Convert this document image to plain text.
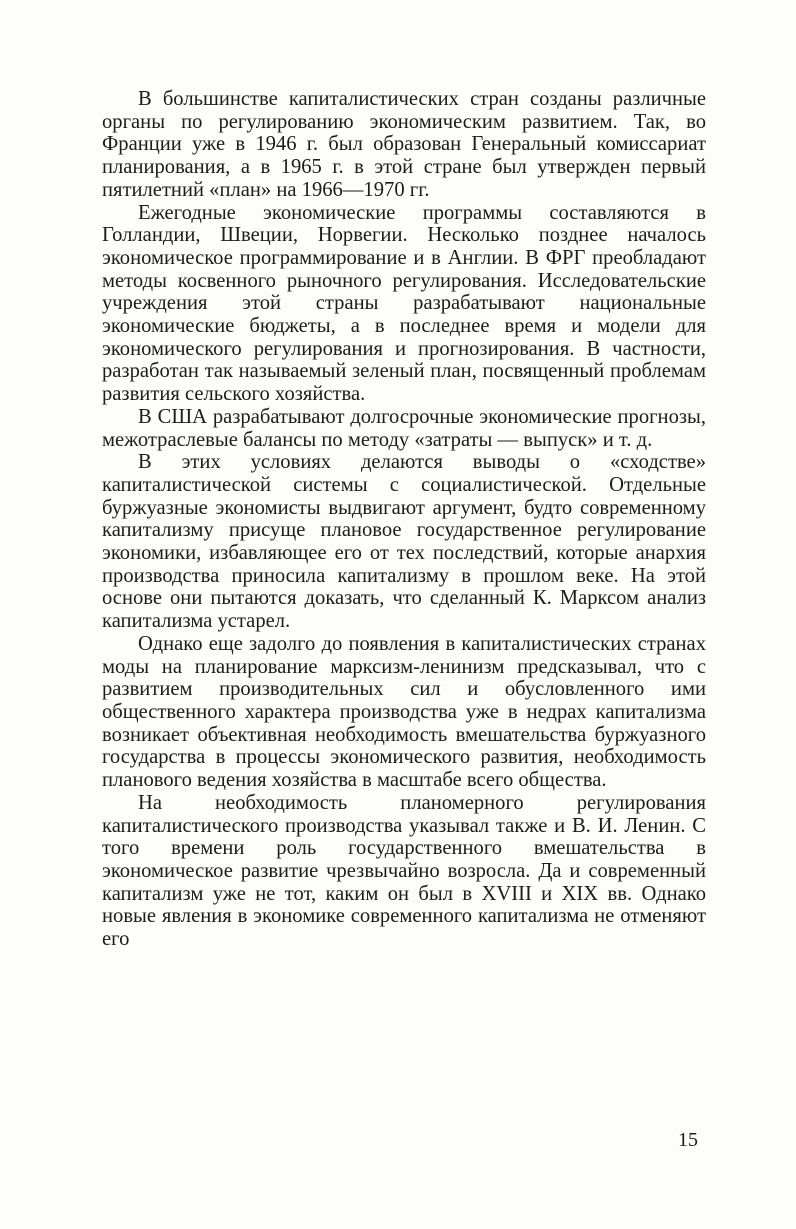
В большинстве капиталистических стран созданы различные органы по регулированию экономическим развитием. Так, во Франции уже в 1946 г. был образован Генеральный комиссариат планирования, а в 1965 г. в этой стране был утвержден первый пятилетний «план» на 1966—1970 гг.

Ежегодные экономические программы составляются в Голландии, Швеции, Норвегии. Несколько позднее началось экономическое программирование и в Англии. В ФРГ преобладают методы косвенного рыночного регулирования. Исследовательские учреждения этой страны разрабатывают национальные экономические бюджеты, а в последнее время и модели для экономического регулирования и прогнозирования. В частности, разработан так называемый зеленый план, посвященный проблемам развития сельского хозяйства.

В США разрабатывают долгосрочные экономические прогнозы, межотраслевые балансы по методу «затраты — выпуск» и т. д.

В этих условиях делаются выводы о «сходстве» капиталистической системы с социалистической. Отдельные буржуазные экономисты выдвигают аргумент, будто современному капитализму присуще плановое государственное регулирование экономики, избавляющее его от тех последствий, которые анархия производства приносила капитализму в прошлом веке. На этой основе они пытаются доказать, что сделанный К. Марксом анализ капитализма устарел.

Однако еще задолго до появления в капиталистических странах моды на планирование марксизм-ленинизм предсказывал, что с развитием производительных сил и обусловленного ими общественного характера производства уже в недрах капитализма возникает объективная необходимость вмешательства буржуазного государства в процессы экономического развития, необходимость планового ведения хозяйства в масштабе всего общества.

На необходимость планомерного регулирования капиталистического производства указывал также и В. И. Ленин. С того времени роль государственного вмешательства в экономическое развитие чрезвычайно возросла. Да и современный капитализм уже не тот, каким он был в XVIII и XIX вв. Однако новые явления в экономике современного капитализма не отменяют его

15
